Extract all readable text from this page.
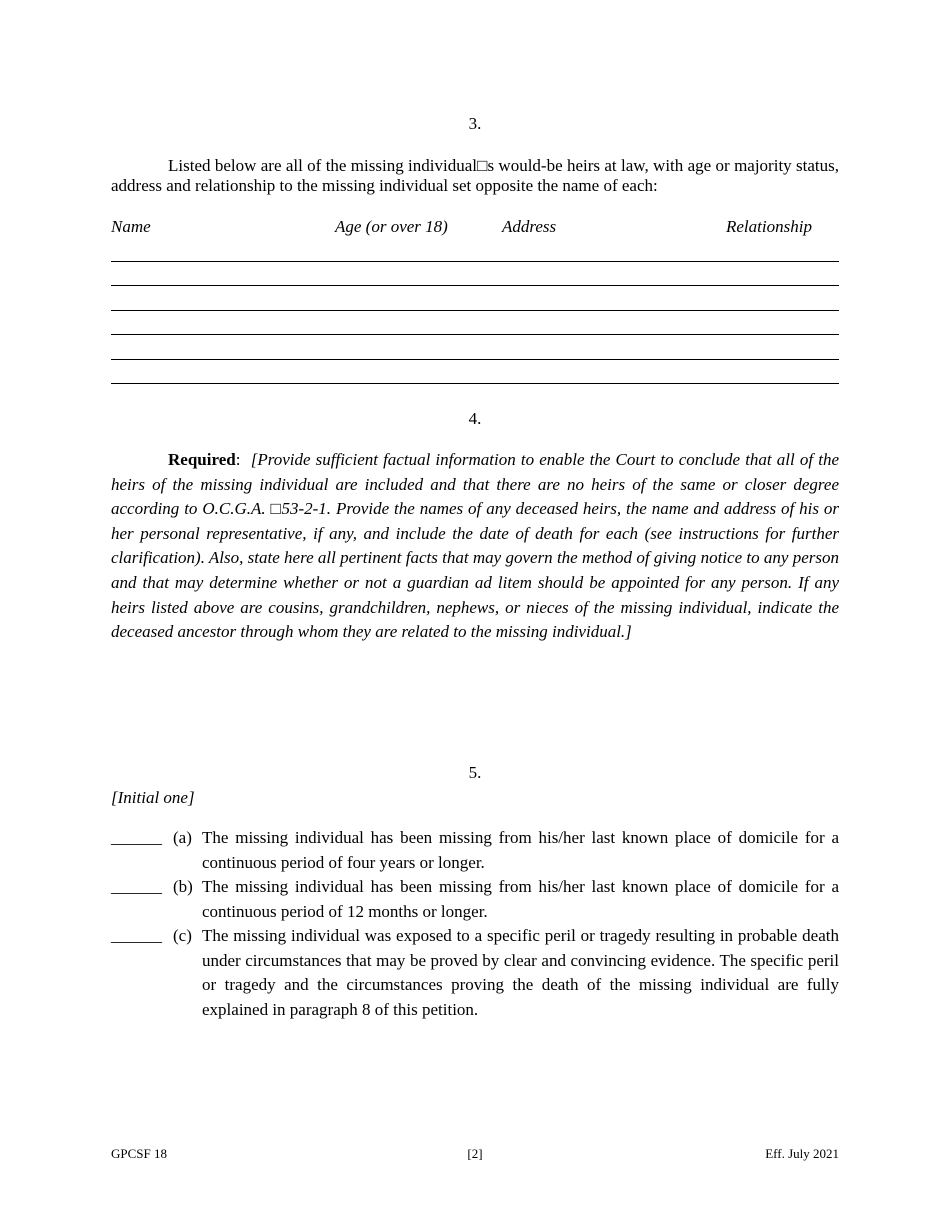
3.
Listed below are all of the missing individual□s would-be heirs at law, with age or majority status, address and relationship to the missing individual set opposite the name of each:
Name	Age (or over 18)	Address	Relationship
4.
Required: [Provide sufficient factual information to enable the Court to conclude that all of the heirs of the missing individual are included and that there are no heirs of the same or closer degree according to O.C.G.A. □53-2-1. Provide the names of any deceased heirs, the name and address of his or her personal representative, if any, and include the date of death for each (see instructions for further clarification). Also, state here all pertinent facts that may govern the method of giving notice to any person and that may determine whether or not a guardian ad litem should be appointed for any person. If any heirs listed above are cousins, grandchildren, nephews, or nieces of the missing individual, indicate the deceased ancestor through whom they are related to the missing individual.]
5.
[Initial one]
______ (a) The missing individual has been missing from his/her last known place of domicile for a continuous period of four years or longer.
______ (b) The missing individual has been missing from his/her last known place of domicile for a continuous period of 12 months or longer.
______ (c) The missing individual was exposed to a specific peril or tragedy resulting in probable death under circumstances that may be proved by clear and convincing evidence. The specific peril or tragedy and the circumstances proving the death of the missing individual are fully explained in paragraph 8 of this petition.
GPCSF 18	[2]	Eff. July 2021
